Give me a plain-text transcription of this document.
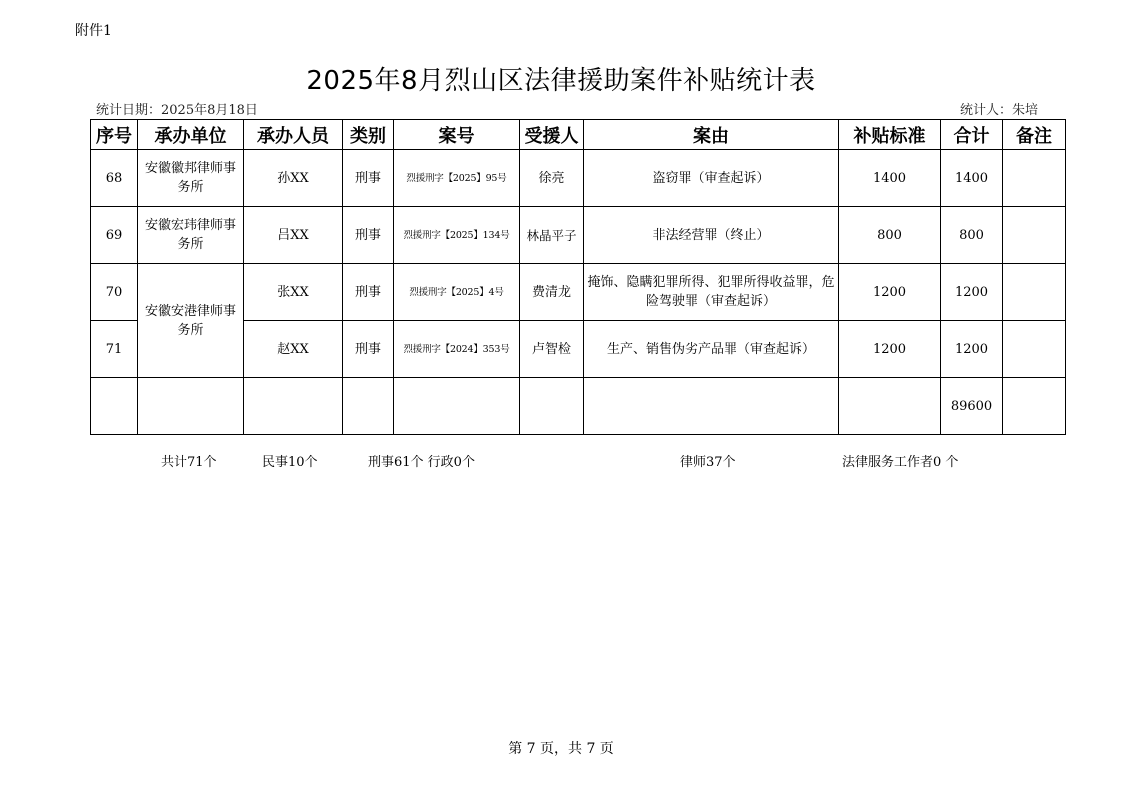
附件1
2025年8月烈山区法律援助案件补贴统计表
统计日期：2025年8月18日	统计人：朱培
序号	承办单位	承办人员	类别	案号	受援人	案由	补贴标准	合计	备注
68	安徽徽邦律师事务所	孙XX	刑事	烈援刑字【2025】95号	徐亮	盗窃罪（审查起诉）	1400	1400	
69	安徽宏玮律师事务所	吕XX	刑事	烈援刑字【2025】134号	林晶平子	非法经营罪（终止）	800	800	
70	安徽安港律师事务所	张XX	刑事	烈援刑字【2025】4号	费清龙	掩饰、隐瞒犯罪所得、犯罪所得收益罪，危险驾驶罪（审查起诉）	1200	1200	
71		赵XX	刑事	烈援刑字【2024】353号	卢智检	生产、销售伪劣产品罪（审查起诉）	1200	1200	
								89600	
共计71个	民事10个	刑事61个 行政0个	律师37个	法律服务工作者0 个
第 7 页，共 7 页
